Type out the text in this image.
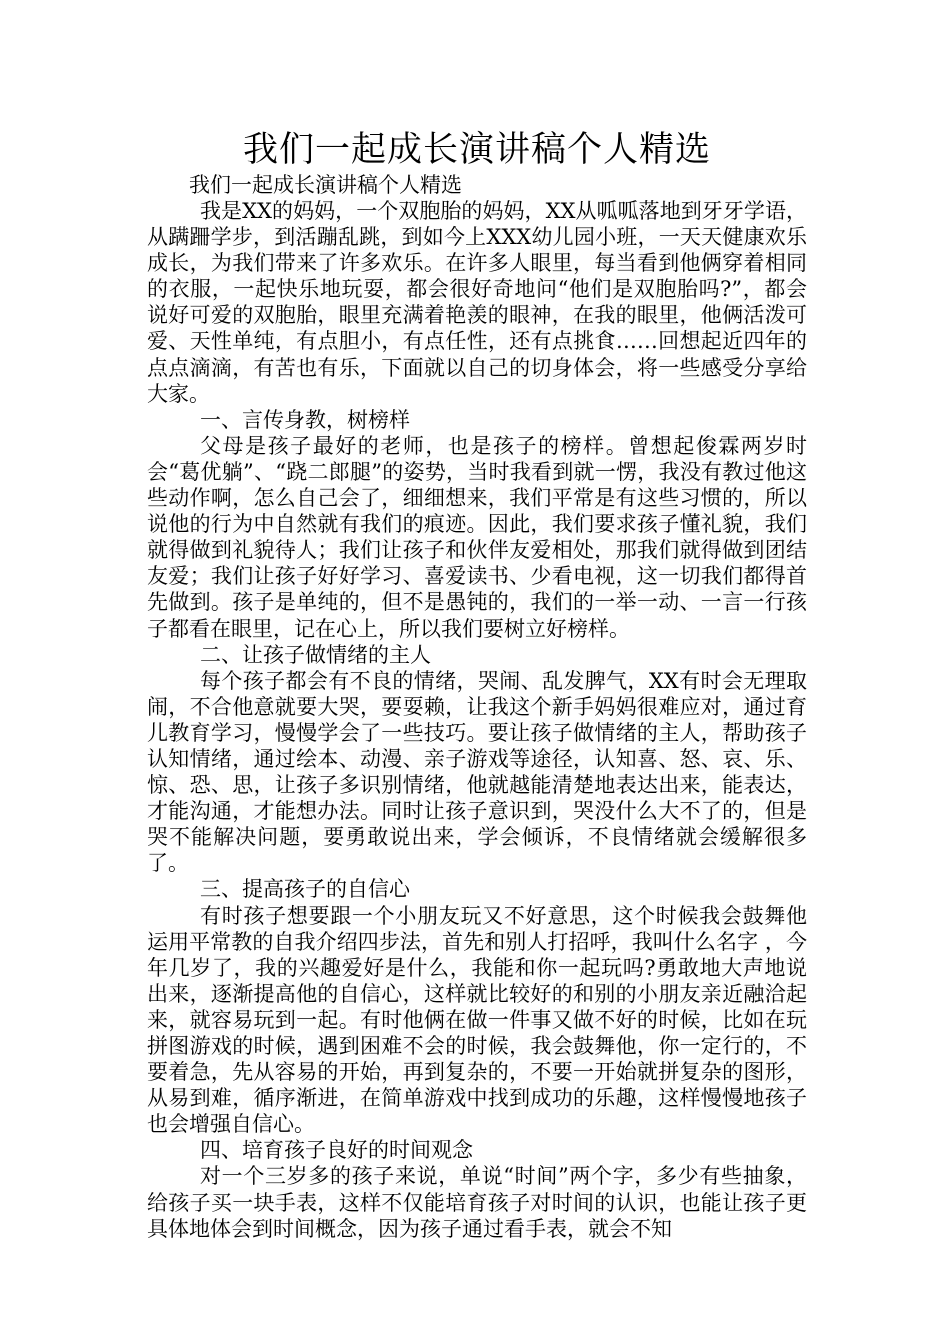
我们一起成长演讲稿个人精选

我们一起成长演讲稿个人精选

我是XX的妈妈，一个双胞胎的妈妈，XX从呱呱落地到牙牙学语，从蹒跚学步，到活蹦乱跳，到如今上XXX幼儿园小班，一天天健康欢乐成长，为我们带来了许多欢乐。在许多人眼里，每当看到他俩穿着相同的衣服，一起快乐地玩耍，都会很好奇地问“他们是双胞胎吗?”，都会说好可爱的双胞胎，眼里充满着艳羡的眼神，在我的眼里，他俩活泼可爱、天性单纯，有点胆小，有点任性，还有点挑食……回想起近四年的点点滴滴，有苦也有乐，下面就以自己的切身体会，将一些感受分享给大家。

一、言传身教，树榜样

父母是孩子最好的老师，也是孩子的榜样。曾想起俊霖两岁时会“葛优躺”、“跷二郎腿”的姿势，当时我看到就一愣，我没有教过他这些动作啊，怎么自己会了，细细想来，我们平常是有这些习惯的，所以说他的行为中自然就有我们的痕迹。因此，我们要求孩子懂礼貌，我们就得做到礼貌待人；我们让孩子和伙伴友爱相处，那我们就得做到团结友爱；我们让孩子好好学习、喜爱读书、少看电视，这一切我们都得首先做到。孩子是单纯的，但不是愚钝的，我们的一举一动、一言一行孩子都看在眼里，记在心上，所以我们要树立好榜样。

二、让孩子做情绪的主人

每个孩子都会有不良的情绪，哭闹、乱发脾气，XX有时会无理取闹，不合他意就要大哭，要耍赖，让我这个新手妈妈很难应对，通过育儿教育学习，慢慢学会了一些技巧。要让孩子做情绪的主人，帮助孩子认知情绪，通过绘本、动漫、亲子游戏等途径，认知喜、怒、哀、乐、惊、恐、思，让孩子多识别情绪，他就越能清楚地表达出来，能表达，才能沟通，才能想办法。同时让孩子意识到，哭没什么大不了的，但是哭不能解决问题，要勇敢说出来，学会倾诉，不良情绪就会缓解很多了。

三、提高孩子的自信心

有时孩子想要跟一个小朋友玩又不好意思，这个时候我会鼓舞他运用平常教的自我介绍四步法，首先和别人打招呼，我叫什么名字 ，今年几岁了，我的兴趣爱好是什么，我能和你一起玩吗?勇敢地大声地说出来，逐渐提高他的自信心，这样就比较好的和别的小朋友亲近融洽起来，就容易玩到一起。有时他俩在做一件事又做不好的时候，比如在玩拼图游戏的时候，遇到困难不会的时候，我会鼓舞他，你一定行的，不要着急，先从容易的开始，再到复杂的，不要一开始就拼复杂的图形，从易到难，循序渐进，在简单游戏中找到成功的乐趣，这样慢慢地孩子也会增强自信心。

四、培育孩子良好的时间观念

对一个三岁多的孩子来说，单说“时间”两个字，多少有些抽象，给孩子买一块手表，这样不仅能培育孩子对时间的认识，也能让孩子更具体地体会到时间概念，因为孩子通过看手表，就会不知
